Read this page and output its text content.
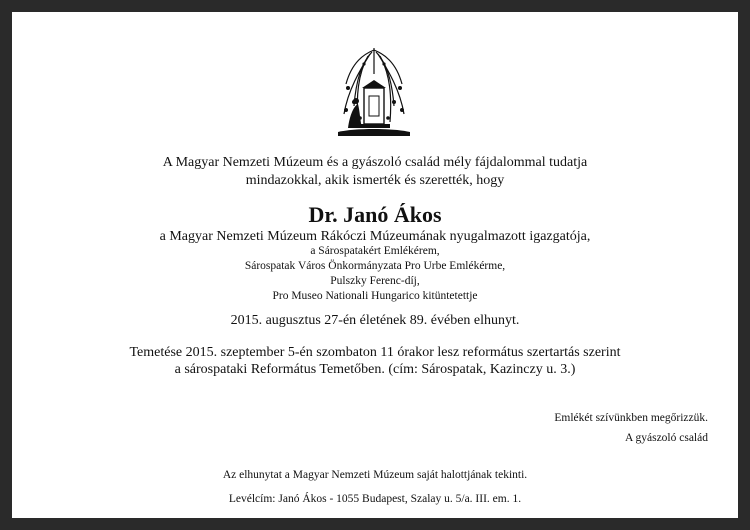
A Magyar Nemzeti Múzeum és a gyászoló család mély fájdalommal tudatja
mindazokkal, akik ismerték és szerették, hogy
Dr. Janó Ákos
a Magyar Nemzeti Múzeum Rákóczi Múzeumának nyugalmazott igazgatója,
a Sárospatakért Emlékérem,
Sárospatak Város Önkormányzata Pro Urbe Emlékérme,
Pulszky Ferenc-díj,
Pro Museo Nationali Hungarico kitüntetettje
2015. augusztus 27-én életének 89. évében elhunyt.
Temetése 2015. szeptember 5-én szombaton 11 órakor lesz református szertartás szerint
a sárospataki Református Temetőben. (cím: Sárospatak, Kazinczy u. 3.)
Emlékét szívünkben megőrizzük.
A gyászoló család
Az elhunytat a Magyar Nemzeti Múzeum saját halottjának tekinti.
Levélcím: Janó Ákos - 1055 Budapest, Szalay u. 5/a. III. em. 1.
